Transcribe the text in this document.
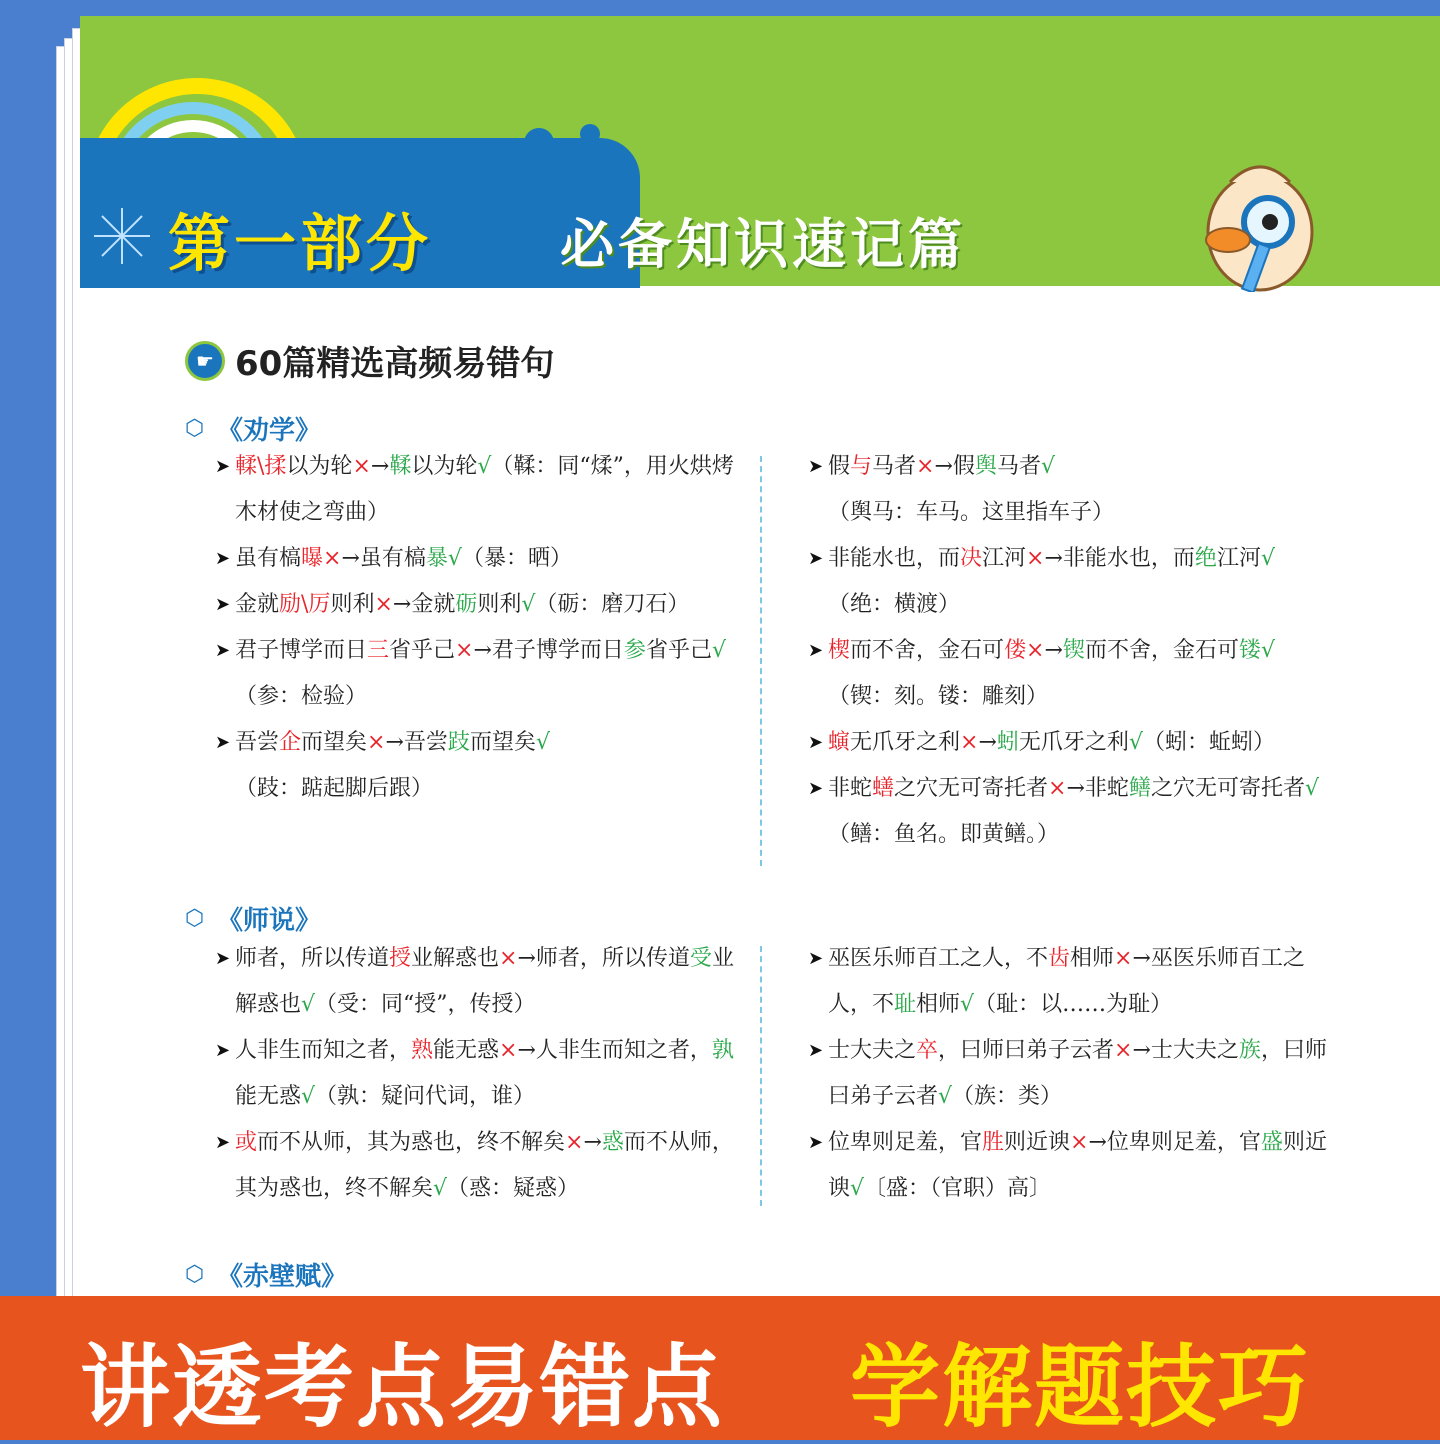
第一部分 必备知识速记篇
☛ 60篇精选高频易错句
⬡ 《劝学》
➤ 輮\揉以为轮×→鞣以为轮√（鞣：同“煣”，用火烘烤木材使之弯曲）
➤ 虽有槁曝×→虽有槁暴√（暴：晒）
➤ 金就励\厉则利×→金就砺则利√（砺：磨刀石）
➤ 君子博学而日三省乎己×→君子博学而日参省乎己√（参：检验）
➤ 吾尝企而望矣×→吾尝跂而望矣√（跂：踮起脚后跟）
➤ 假与马者×→假舆马者√（舆马：车马。这里指车子）
➤ 非能水也，而决江河×→非能水也，而绝江河√（绝：横渡）
➤ 楔而不舍，金石可偻×→锲而不舍，金石可镂√（锲：刻。镂：雕刻）
➤ 螾无爪牙之利×→蚓无爪牙之利√（蚓：蚯蚓）
➤ 非蛇蟮之穴无可寄托者×→非蛇鳝之穴无可寄托者√（鳝：鱼名。即黄鳝。）
⬡ 《师说》
➤ 师者，所以传道授业解惑也×→师者，所以传道受业解惑也√（受：同“授”，传授）
➤ 人非生而知之者，熟能无惑×→人非生而知之者，孰能无惑√（孰：疑问代词，谁）
➤ 或而不从师，其为惑也，终不解矣×→惑而不从师，其为惑也，终不解矣√（惑：疑惑）
➤ 巫医乐师百工之人，不齿相师×→巫医乐师百工之人，不耻相师√（耻：以……为耻）
➤ 士大夫之卒，曰师曰弟子云者×→士大夫之族，曰师曰弟子云者√（族：类）
➤ 位卑则足羞，官胜则近谀×→位卑则足羞，官盛则近谀√〔盛：（官职）高〕
⬡ 《赤壁赋》
讲透考点易错点 学解题技巧
